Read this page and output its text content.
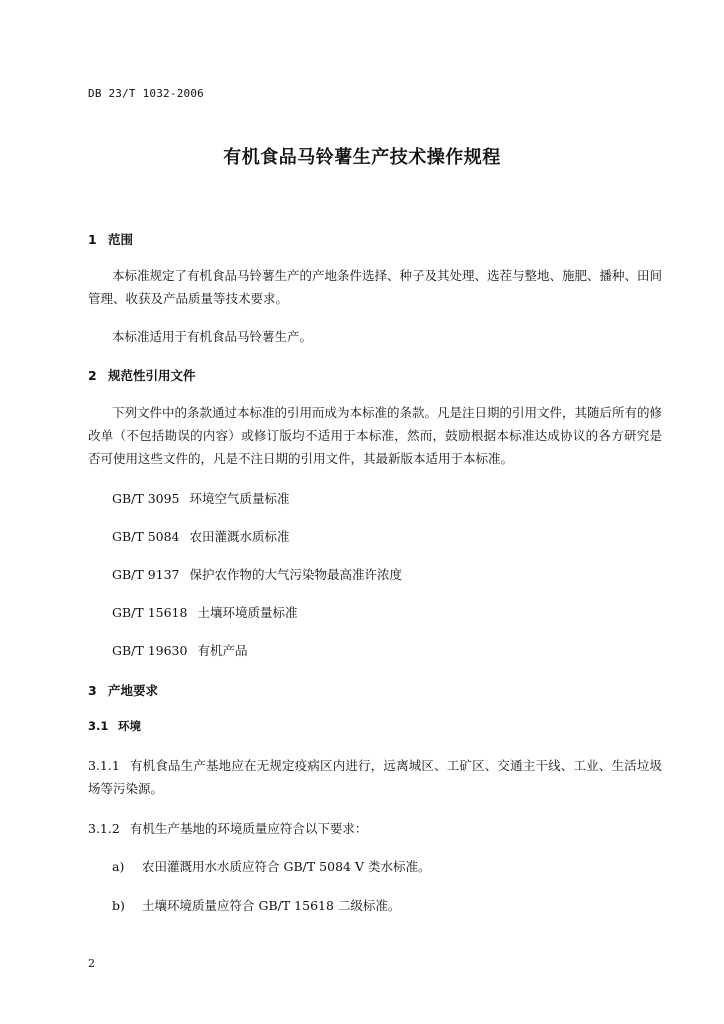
DB 23/T 1032-2006
有机食品马铃薯生产技术操作规程
1 范围
本标准规定了有机食品马铃薯生产的产地条件选择、种子及其处理、选茬与整地、施肥、播种、田间管理、收获及产品质量等技术要求。
本标准适用于有机食品马铃薯生产。
2 规范性引用文件
下列文件中的条款通过本标准的引用而成为本标准的条款。凡是注日期的引用文件，其随后所有的修改单（不包括勘误的内容）或修订版均不适用于本标准，然而，鼓励根据本标准达成协议的各方研究是否可使用这些文件的，凡是不注日期的引用文件，其最新版本适用于本标准。
GB/T 3095 环境空气质量标准
GB/T 5084 农田灌溉水质标准
GB/T 9137 保护农作物的大气污染物最高准许浓度
GB/T 15618 土壤环境质量标准
GB/T 19630 有机产品
3 产地要求
3.1 环境
3.1.1 有机食品生产基地应在无规定疫病区内进行，远离城区、工矿区、交通主干线、工业、生活垃圾场等污染源。
3.1.2 有机生产基地的环境质量应符合以下要求：
a) 农田灌溉用水水质应符合 GB/T 5084 V 类水标准。
b) 土壤环境质量应符合 GB/T 15618 二级标准。
2
